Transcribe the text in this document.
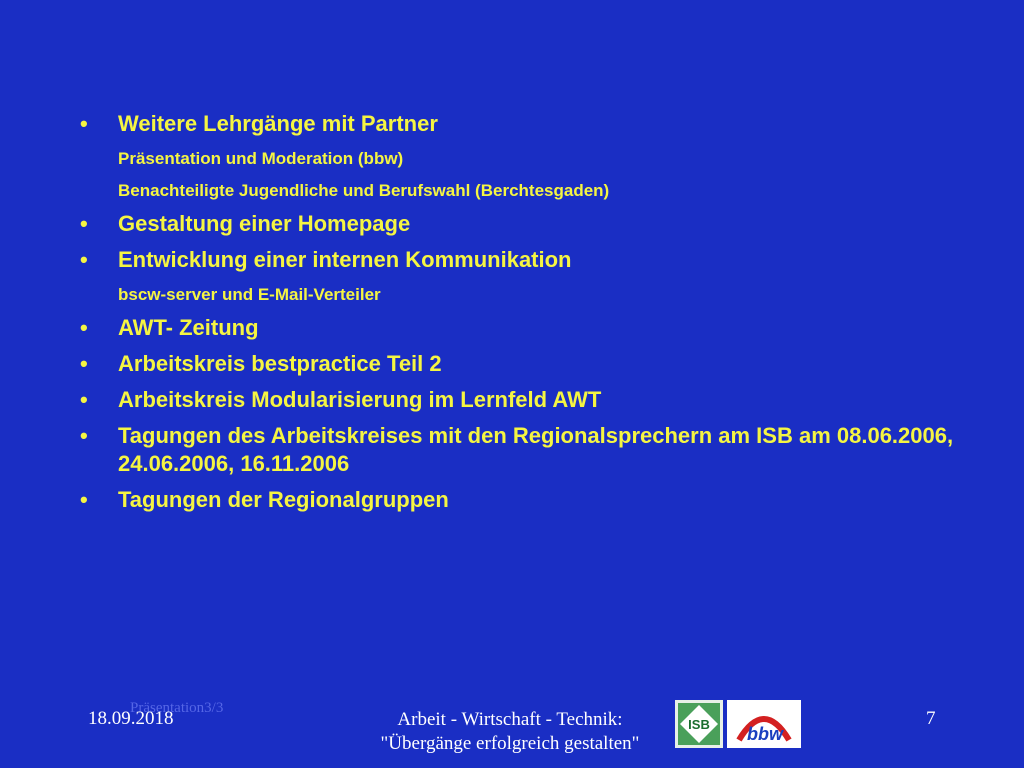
• Weitere Lehrgänge mit Partner
Präsentation und Moderation (bbw)
Benachteiligte Jugendliche und Berufswahl (Berchtesgaden)
• Gestaltung einer Homepage
• Entwicklung einer internen Kommunikation
bscw-server und E-Mail-Verteiler
• AWT- Zeitung
• Arbeitskreis bestpractice Teil 2
• Arbeitskreis Modularisierung im Lernfeld AWT
• Tagungen des Arbeitskreises mit den Regionalsprechern am ISB am 08.06.2006, 24.06.2006, 16.11.2006
• Tagungen der Regionalgruppen
Präsentation3/3
18.09.2018	Arbeit - Wirtschaft - Technik:
"Übergänge erfolgreich gestalten"
ISB bbw
7
